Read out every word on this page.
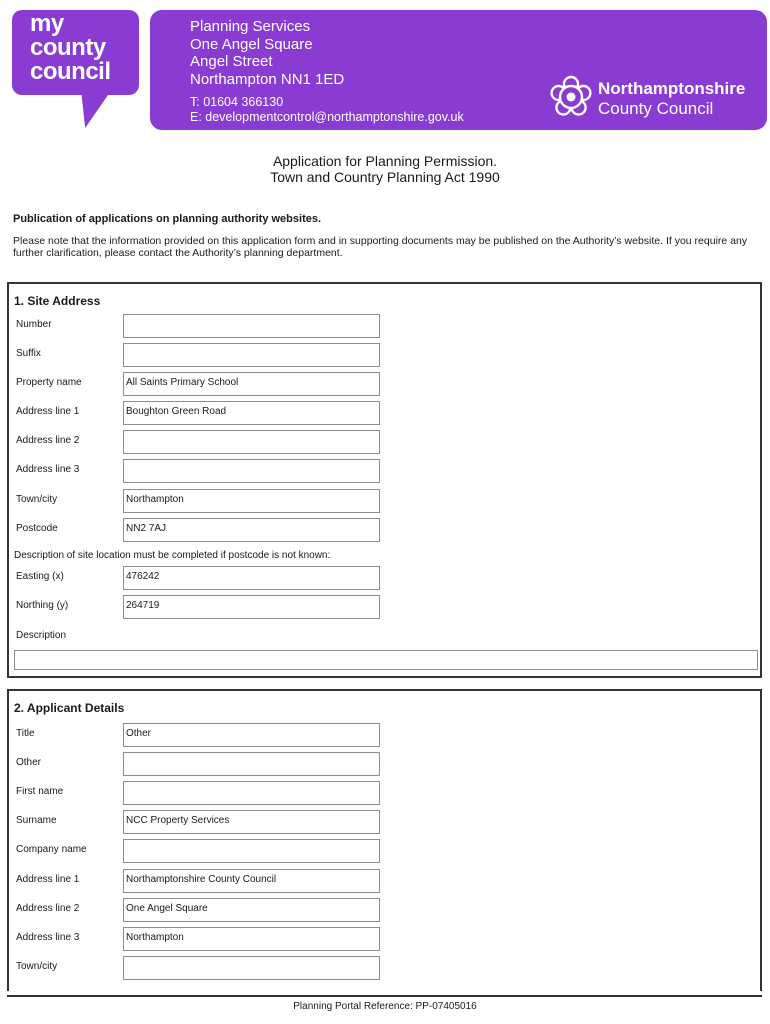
my
county
council
Planning Services
One Angel Square
Angel Street
Northampton NN1 1ED
T: 01604 366130
E: developmentcontrol@northamptonshire.gov.uk
Northamptonshire
County Council
Application for Planning Permission.
Town and Country Planning Act 1990
Publication of applications on planning authority websites.
Please note that the information provided on this application form and in supporting documents may be published on the Authority’s website. If you require any further clarification, please contact the Authority’s planning department.
1. Site Address
Number
Suffix
Property name	All Saints Primary School
Address line 1	Boughton Green Road
Address line 2
Address line 3
Town/city	Northampton
Postcode	NN2 7AJ
Description of site location must be completed if postcode is not known:
Easting (x)	476242
Northing (y)	264719
Description
2. Applicant Details
Title	Other
Other
First name
Surname	NCC Property Services
Company name
Address line 1	Northamptonshire County Council
Address line 2	One Angel Square
Address line 3	Northampton
Town/city
Planning Portal Reference: PP-07405016
